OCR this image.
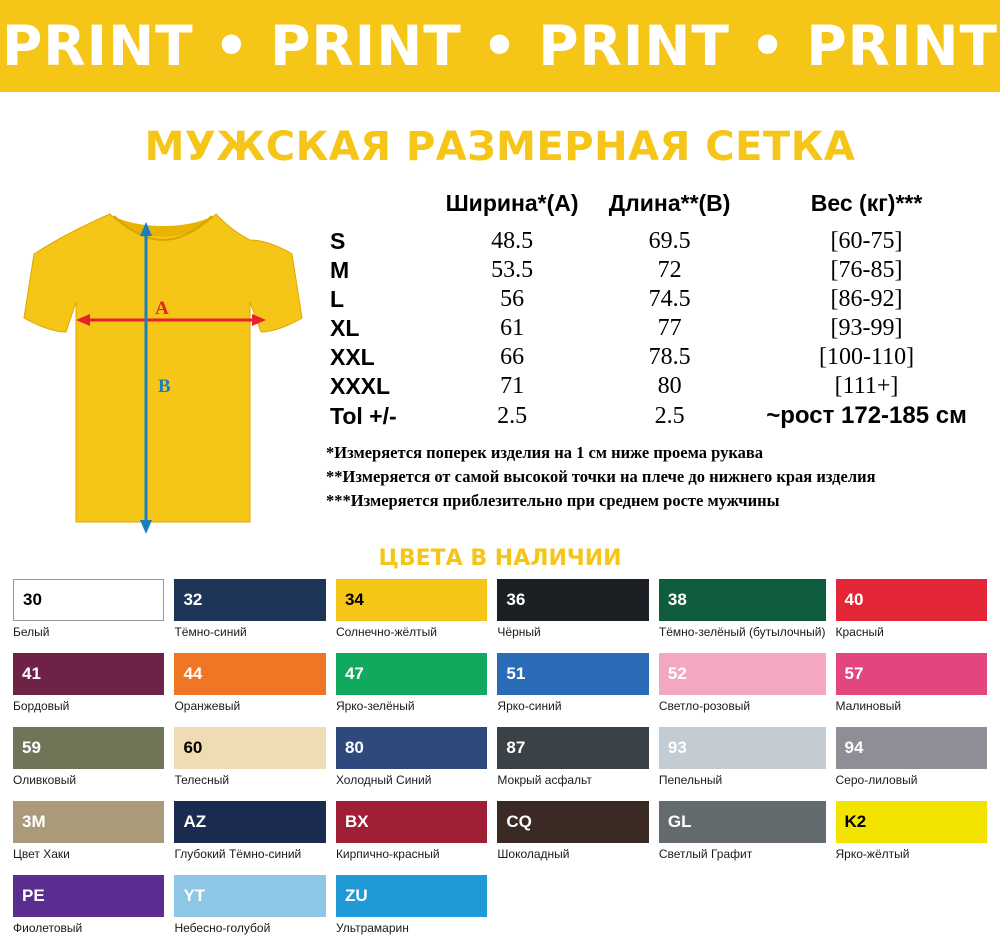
PRINT • PRINT • PRINT • PRINT
МУЖСКАЯ РАЗМЕРНАЯ СЕТКА
A
B
	Ширина*(A)	Длина**(B)	Вес (кг)***
S	48.5	69.5	[60-75]
M	53.5	72	[76-85]
L	56	74.5	[86-92]
XL	61	77	[93-99]
XXL	66	78.5	[100-110]
XXXL	71	80	[111+]
Tol +/-	2.5	2.5	~рост 172-185 см
*Измеряется поперек изделия на 1 см ниже проема рукава
**Измеряется от самой высокой точки на плече до нижнего края изделия
***Измеряется приблезительно при среднем росте мужчины
ЦВЕТА В НАЛИЧИИ
30
Белый
32
Тёмно-синий
34
Солнечно-жёлтый
36
Чёрный
38
Тёмно-зелёный (бутылочный)
40
Красный
41
Бордовый
44
Оранжевый
47
Ярко-зелёный
51
Ярко-синий
52
Светло-розовый
57
Малиновый
59
Оливковый
60
Телесный
80
Холодный Синий
87
Мокрый асфальт
93
Пепельный
94
Серо-лиловый
3M
Цвет Хаки
AZ
Глубокий Тёмно-синий
BX
Кирпично-красный
CQ
Шоколадный
GL
Светлый Графит
K2
Ярко-жёлтый
PE
Фиолетовый
YT
Небесно-голубой
ZU
Ультрамарин
